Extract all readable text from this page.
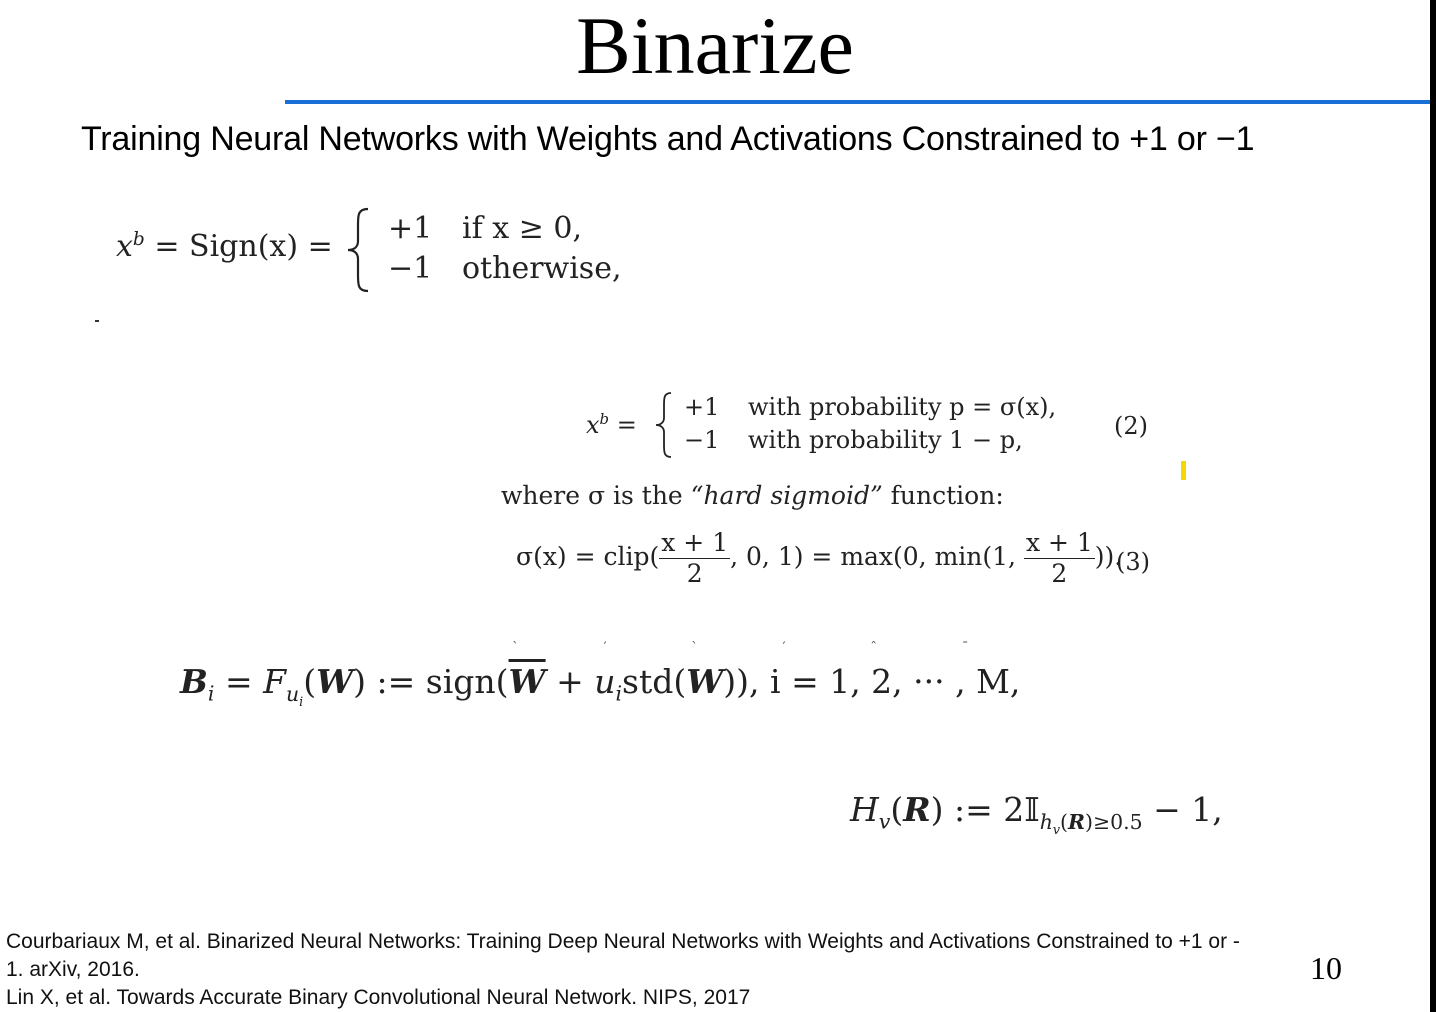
Binarize
Training Neural Networks with Weights and Activations Constrained to +1 or −1
$x^b$ = Sign(x) =
+1 if x ≥ 0,
−1 otherwise,
$x^b$ =
+1 with probability p = σ(x),
−1 with probability 1 − p,	(2)
where σ is the “hard sigmoid” function:
σ(x) = clip( $\frac{x + 1}{2}$ , 0, 1) = max(0, min(1, $\frac{x + 1}{2}$ )).
(3)
` ′ ` ′ ˆ ˉ
$B_i = F_{u_i}(W)$ := $sign(\overline{W} + u_istd(W))$, i = 1, 2, ··· , M,
$H_v(R)$ := 2𝕀$_{h_v(R)\ge 0.5}$ − 1,
Courbariaux M, et al. Binarized Neural Networks: Training Deep Neural Networks with Weights and Activations Constrained to +1 or -
1. arXiv, 2016.
Lin X, et al. Towards Accurate Binary Convolutional Neural Network. NIPS, 2017
10
